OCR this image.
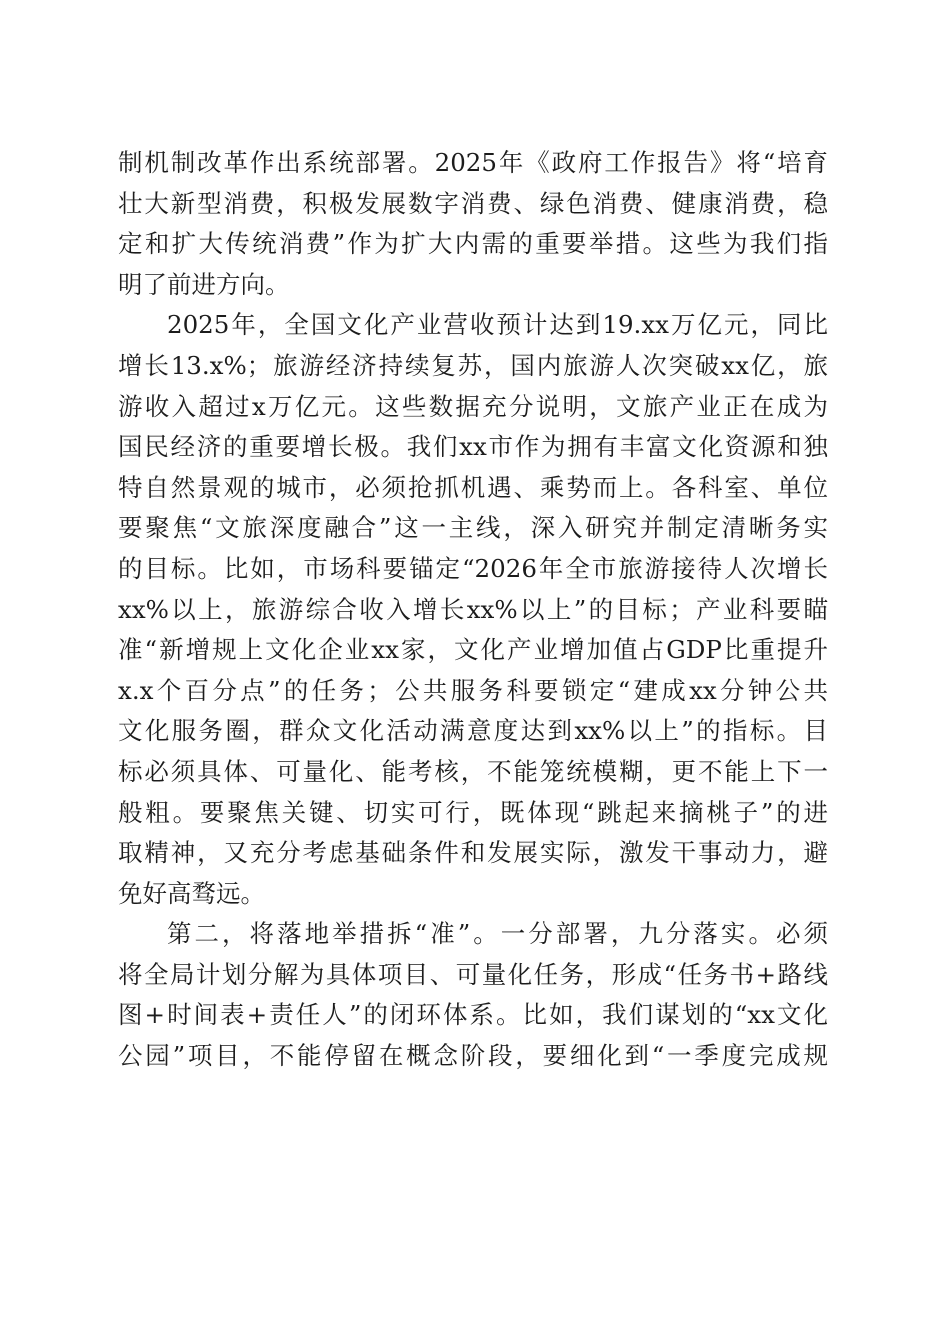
制机制改革作出系统部署。2025年《政府工作报告》将“培育
壮大新型消费，积极发展数字消费、绿色消费、健康消费，稳
定和扩大传统消费”作为扩大内需的重要举措。这些为我们指
明了前进方向。
2025年，全国文化产业营收预计达到19.xx万亿元，同比
增长13.x%；旅游经济持续复苏，国内旅游人次突破xx亿，旅
游收入超过x万亿元。这些数据充分说明，文旅产业正在成为
国民经济的重要增长极。我们xx市作为拥有丰富文化资源和独
特自然景观的城市，必须抢抓机遇、乘势而上。各科室、单位
要聚焦“文旅深度融合”这一主线，深入研究并制定清晰务实
的目标。比如，市场科要锚定“2026年全市旅游接待人次增长
xx%以上，旅游综合收入增长xx%以上”的目标；产业科要瞄
准“新增规上文化企业xx家，文化产业增加值占GDP比重提升
x.x个百分点”的任务；公共服务科要锁定“建成xx分钟公共
文化服务圈，群众文化活动满意度达到xx%以上”的指标。目
标必须具体、可量化、能考核，不能笼统模糊，更不能上下一
般粗。要聚焦关键、切实可行，既体现“跳起来摘桃子”的进
取精神，又充分考虑基础条件和发展实际，激发干事动力，避
免好高骛远。
第二，将落地举措拆“准”。一分部署，九分落实。必须
将全局计划分解为具体项目、可量化任务，形成“任务书+路线
图+时间表+责任人”的闭环体系。比如，我们谋划的“xx文化
公园”项目，不能停留在概念阶段，要细化到“一季度完成规
